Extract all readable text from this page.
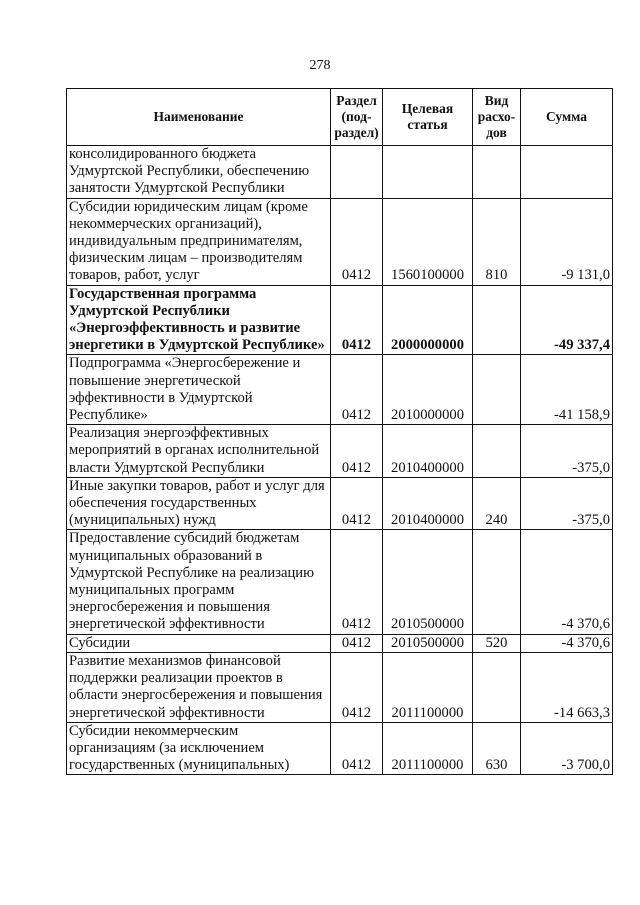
278
Наименование	Раздел (под-раздел)	Целевая статья	Вид расхо-дов	Сумма
консолидированного бюджета Удмуртской Республики, обеспечению занятости Удмуртской Республики				
Субсидии юридическим лицам (кроме некоммерческих организаций), индивидуальным предпринимателям, физическим лицам – производителям товаров, работ, услуг	0412	1560100000	810	-9 131,0
Государственная программа Удмуртской Республики «Энергоэффективность и развитие энергетики в Удмуртской Республике»	0412	2000000000		-49 337,4
Подпрограмма «Энергосбережение и повышение энергетической эффективности в Удмуртской Республике»	0412	2010000000		-41 158,9
Реализация энергоэффективных мероприятий в органах исполнительной власти Удмуртской Республики	0412	2010400000		-375,0
Иные закупки товаров, работ и услуг для обеспечения государственных (муниципальных) нужд	0412	2010400000	240	-375,0
Предоставление субсидий бюджетам муниципальных образований в Удмуртской Республике на реализацию муниципальных программ энергосбережения и повышения энергетической эффективности	0412	2010500000		-4 370,6
Субсидии	0412	2010500000	520	-4 370,6
Развитие механизмов финансовой поддержки реализации проектов в области энергосбережения и повышения энергетической эффективности	0412	2011100000		-14 663,3
Субсидии некоммерческим организациям (за исключением государственных (муниципальных)	0412	2011100000	630	-3 700,0
